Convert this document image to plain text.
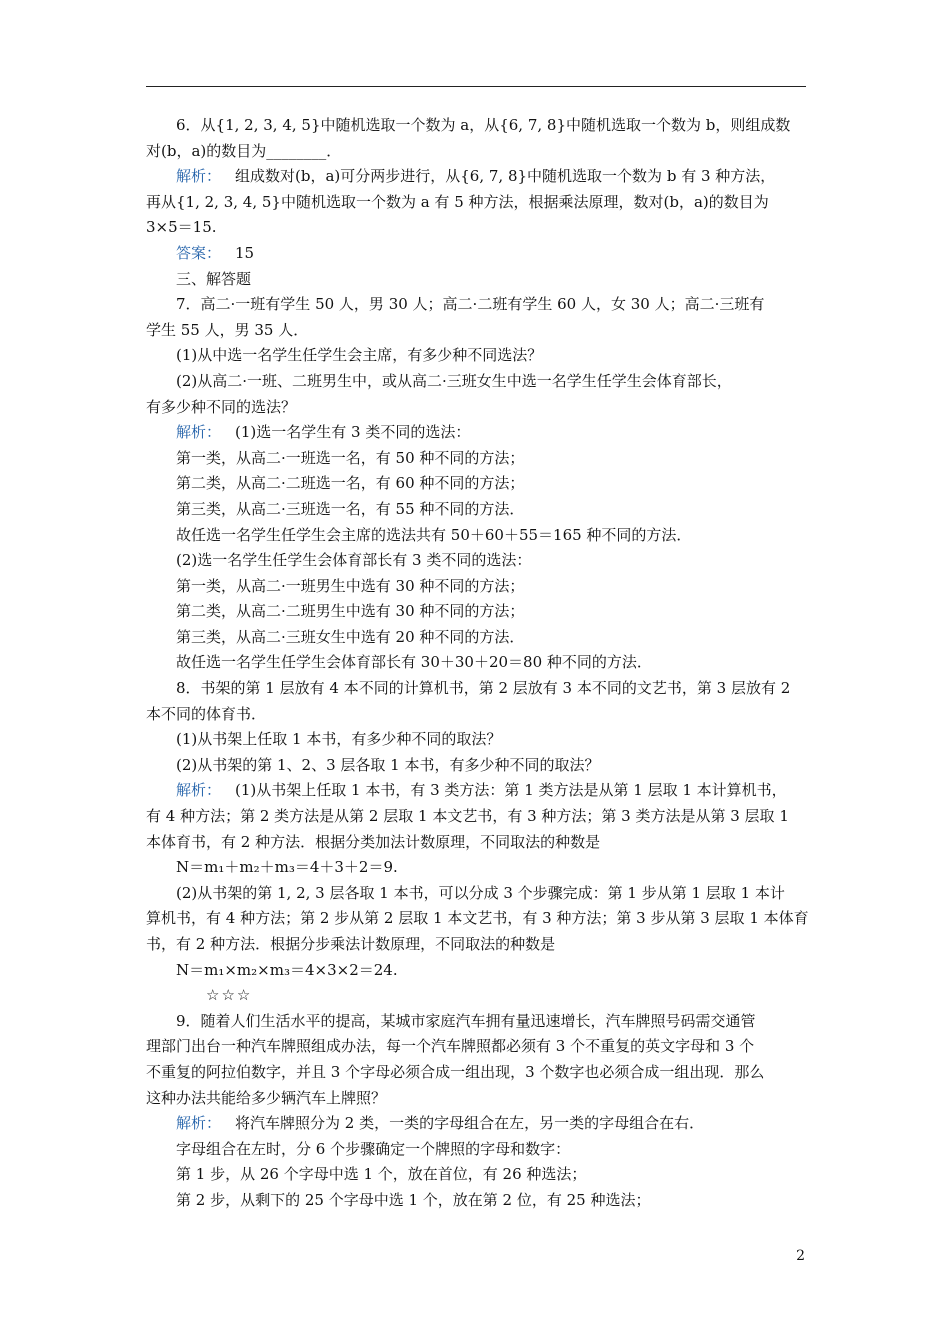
6．从{1, 2, 3, 4, 5}中随机选取一个数为 a，从{6, 7, 8}中随机选取一个数为 b，则组成数
对(b，a)的数目为________．
解析： 组成数对(b，a)可分两步进行，从{6, 7, 8}中随机选取一个数为 b 有 3 种方法，
再从{1, 2, 3, 4, 5}中随机选取一个数为 a 有 5 种方法，根据乘法原理，数对(b，a)的数目为
3×5＝15.
答案： 15
三、解答题
7．高二·一班有学生 50 人，男 30 人；高二·二班有学生 60 人，女 30 人；高二·三班有
学生 55 人，男 35 人．
(1)从中选一名学生任学生会主席，有多少种不同选法？
(2)从高二·一班、二班男生中，或从高二·三班女生中选一名学生任学生会体育部长，
有多少种不同的选法？
解析： (1)选一名学生有 3 类不同的选法：
第一类，从高二·一班选一名，有 50 种不同的方法；
第二类，从高二·二班选一名，有 60 种不同的方法；
第三类，从高二·三班选一名，有 55 种不同的方法．
故任选一名学生任学生会主席的选法共有 50＋60＋55＝165 种不同的方法．
(2)选一名学生任学生会体育部长有 3 类不同的选法：
第一类，从高二·一班男生中选有 30 种不同的方法；
第二类，从高二·二班男生中选有 30 种不同的方法；
第三类，从高二·三班女生中选有 20 种不同的方法．
故任选一名学生任学生会体育部长有 30＋30＋20＝80 种不同的方法．
8．书架的第 1 层放有 4 本不同的计算机书，第 2 层放有 3 本不同的文艺书，第 3 层放有 2
本不同的体育书．
(1)从书架上任取 1 本书，有多少种不同的取法？
(2)从书架的第 1、2、3 层各取 1 本书，有多少种不同的取法？
解析： (1)从书架上任取 1 本书，有 3 类方法：第 1 类方法是从第 1 层取 1 本计算机书，
有 4 种方法；第 2 类方法是从第 2 层取 1 本文艺书，有 3 种方法；第 3 类方法是从第 3 层取 1
本体育书，有 2 种方法．根据分类加法计数原理，不同取法的种数是
N＝m₁＋m₂＋m₃＝4＋3＋2＝9.
(2)从书架的第 1, 2, 3 层各取 1 本书，可以分成 3 个步骤完成：第 1 步从第 1 层取 1 本计
算机书，有 4 种方法；第 2 步从第 2 层取 1 本文艺书，有 3 种方法；第 3 步从第 3 层取 1 本体育
书，有 2 种方法．根据分步乘法计数原理，不同取法的种数是
N＝m₁×m₂×m₃＝4×3×2＝24.
☆☆☆
9．随着人们生活水平的提高，某城市家庭汽车拥有量迅速增长，汽车牌照号码需交通管
理部门出台一种汽车牌照组成办法，每一个汽车牌照都必须有 3 个不重复的英文字母和 3 个
不重复的阿拉伯数字，并且 3 个字母必须合成一组出现，3 个数字也必须合成一组出现．那么
这种办法共能给多少辆汽车上牌照？
解析： 将汽车牌照分为 2 类，一类的字母组合在左，另一类的字母组合在右．
字母组合在左时，分 6 个步骤确定一个牌照的字母和数字：
第 1 步，从 26 个字母中选 1 个，放在首位，有 26 种选法；
第 2 步，从剩下的 25 个字母中选 1 个，放在第 2 位，有 25 种选法；
2
